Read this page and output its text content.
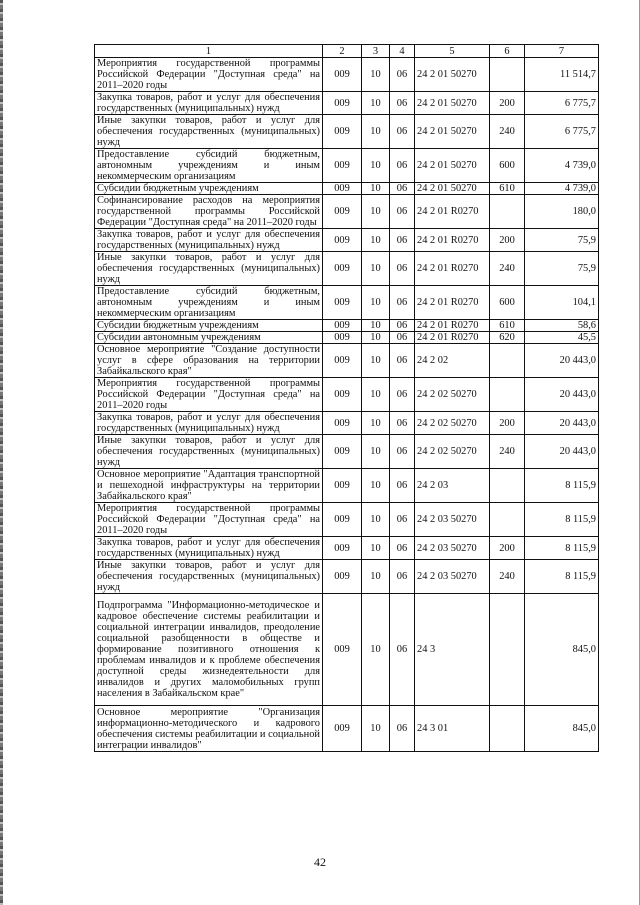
1	2	3	4	5	6	7
Мероприятия государственной программы Российской Федерации "Доступная среда" на 2011–2020 годы	009	10	06	24 2 01 50270		11 514,7
Закупка товаров, работ и услуг для обеспечения государственных (муниципальных) нужд	009	10	06	24 2 01 50270	200	6 775,7
Иные закупки товаров, работ и услуг для обеспечения государственных (муниципальных) нужд	009	10	06	24 2 01 50270	240	6 775,7
Предоставление субсидий бюджетным, автономным учреждениям и иным некоммерческим организациям	009	10	06	24 2 01 50270	600	4 739,0
Субсидии бюджетным учреждениям	009	10	06	24 2 01 50270	610	4 739,0
Софинансирование расходов на мероприятия государственной программы Российской Федерации "Доступная среда" на 2011–2020 годы	009	10	06	24 2 01 R0270		180,0
Закупка товаров, работ и услуг для обеспечения государственных (муниципальных) нужд	009	10	06	24 2 01 R0270	200	75,9
Иные закупки товаров, работ и услуг для обеспечения государственных (муниципальных) нужд	009	10	06	24 2 01 R0270	240	75,9
Предоставление субсидий бюджетным, автономным учреждениям и иным некоммерческим организациям	009	10	06	24 2 01 R0270	600	104,1
Субсидии бюджетным учреждениям	009	10	06	24 2 01 R0270	610	58,6
Субсидии автономным учреждениям	009	10	06	24 2 01 R0270	620	45,5
Основное мероприятие "Создание доступности услуг в сфере образования на территории Забайкальского края"	009	10	06	24 2 02		20 443,0
Мероприятия государственной программы Российской Федерации "Доступная среда" на 2011–2020 годы	009	10	06	24 2 02 50270		20 443,0
Закупка товаров, работ и услуг для обеспечения государственных (муниципальных) нужд	009	10	06	24 2 02 50270	200	20 443,0
Иные закупки товаров, работ и услуг для обеспечения государственных (муниципальных) нужд	009	10	06	24 2 02 50270	240	20 443,0
Основное мероприятие "Адаптация транспортной и пешеходной инфраструктуры на территории Забайкальского края"	009	10	06	24 2 03		8 115,9
Мероприятия государственной программы Российской Федерации "Доступная среда" на 2011–2020 годы	009	10	06	24 2 03 50270		8 115,9
Закупка товаров, работ и услуг для обеспечения государственных (муниципальных) нужд	009	10	06	24 2 03 50270	200	8 115,9
Иные закупки товаров, работ и услуг для обеспечения государственных (муниципальных) нужд	009	10	06	24 2 03 50270	240	8 115,9
Подпрограмма "Информационно-методическое и кадровое обеспечение системы реабилитации и социальной интеграции инвалидов, преодоление социальной разобщенности в обществе и формирование позитивного отношения к проблемам инвалидов и к проблеме обеспечения доступной среды жизнедеятельности для инвалидов и других маломобильных групп населения в Забайкальском крае"	009	10	06	24 3		845,0
Основное мероприятие "Организация информационно-методического и кадрового обеспечения системы реабилитации и социальной интеграции инвалидов"	009	10	06	24 3 01		845,0
42
